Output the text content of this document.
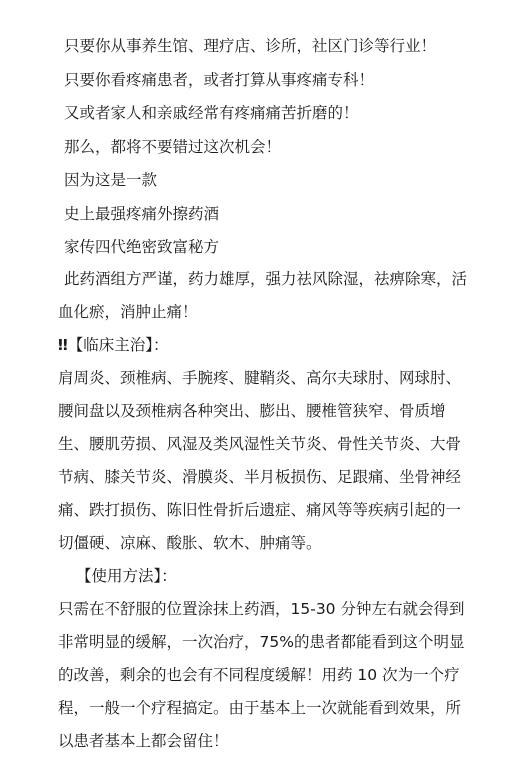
只要你从事养生馆、理疗店、诊所，社区门诊等行业！

只要你看疼痛患者，或者打算从事疼痛专科！

又或者家人和亲戚经常有疼痛痛苦折磨的！

那么，都将不要错过这次机会！

因为这是一款

史上最强疼痛外擦药酒

家传四代绝密致富秘方

此药酒组方严谨，药力雄厚，强力祛风除湿，祛痹除寒，活血化瘀，消肿止痛！

‼【临床主治】：

肩周炎、颈椎病、手腕疼、腱鞘炎、高尔夫球肘、网球肘、腰间盘以及颈椎病各种突出、膨出、腰椎管狭窄、骨质增生、腰肌劳损、风湿及类风湿性关节炎、骨性关节炎、大骨节病、膝关节炎、滑膜炎、半月板损伤、足跟痛、坐骨神经痛、跌打损伤、陈旧性骨折后遗症、痛风等等疾病引起的一切僵硬、凉麻、酸胀、软木、肿痛等。

【使用方法】：

只需在不舒服的位置涂抹上药酒，15-30 分钟左右就会得到非常明显的缓解，一次治疗，75%的患者都能看到这个明显的改善，剩余的也会有不同程度缓解！用药 10 次为一个疗程，一般一个疗程搞定。由于基本上一次就能看到效果，所以患者基本上都会留住！
